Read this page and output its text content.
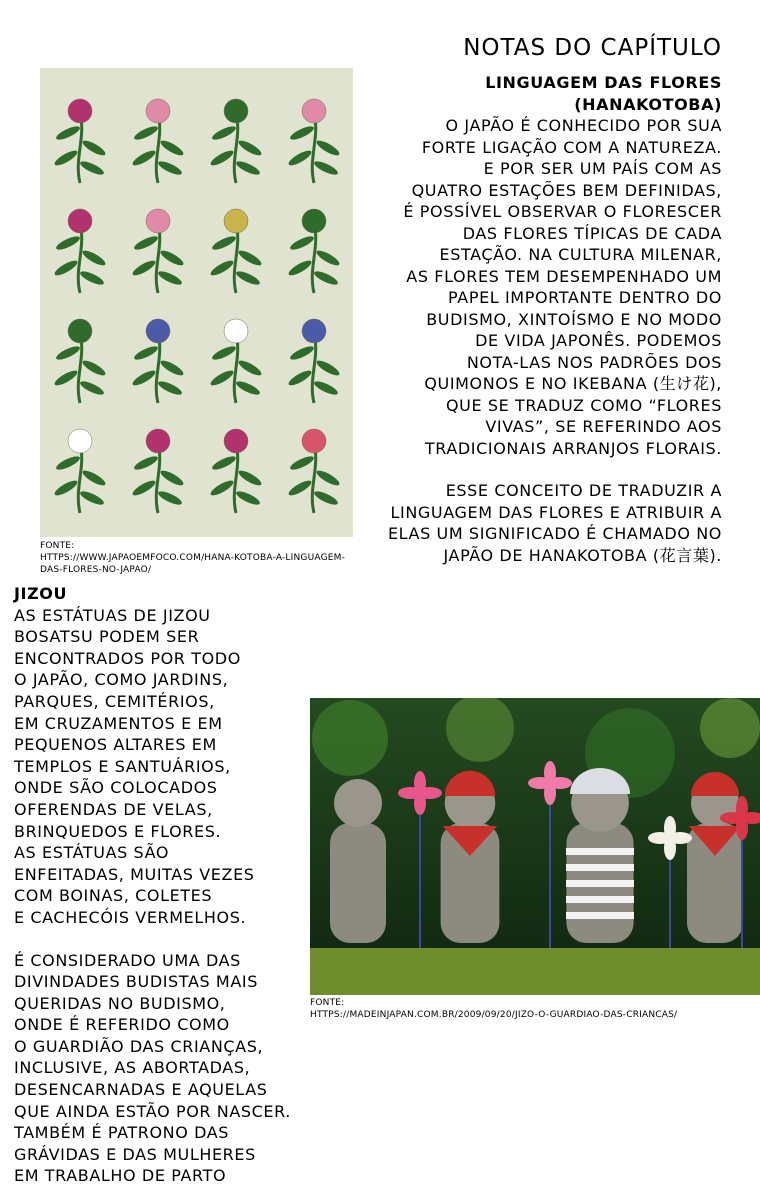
NOTAS DO CAPÍTULO
FONTE:
HTTPS://WWW.JAPAOEMFOCO.COM/HANA-KOTOBA-A-LINGUAGEM-
DAS-FLORES-NO-JAPAO/

LINGUAGEM DAS FLORES
(HANAKOTOBA)

O JAPÃO É CONHECIDO POR SUA
FORTE LIGAÇÃO COM A NATUREZA.
E POR SER UM PAÍS COM AS
QUATRO ESTAÇÕES BEM DEFINIDAS,
É POSSÍVEL OBSERVAR O FLORESCER
DAS FLORES TÍPICAS DE CADA
ESTAÇÃO. NA CULTURA MILENAR,
AS FLORES TEM DESEMPENHADO UM
PAPEL IMPORTANTE DENTRO DO
BUDISMO, XINTOÍSMO E NO MODO
DE VIDA JAPONÊS. PODEMOS
NOTA-LAS NOS PADRÕES DOS
QUIMONOS E NO IKEBANA (生け花),
QUE SE TRADUZ COMO “FLORES
VIVAS”, SE REFERINDO AOS
TRADICIONAIS ARRANJOS FLORAIS.

ESSE CONCEITO DE TRADUZIR A
LINGUAGEM DAS FLORES E ATRIBUIR A
ELAS UM SIGNIFICADO É CHAMADO NO
JAPÃO DE HANAKOTOBA (花言葉).

JIZOU

AS ESTÁTUAS DE JIZOU
BOSATSU PODEM SER
ENCONTRADOS POR TODO
O JAPÃO, COMO JARDINS,
PARQUES, CEMITÉRIOS,
EM CRUZAMENTOS E EM
PEQUENOS ALTARES EM
TEMPLOS E SANTUÁRIOS,
ONDE SÃO COLOCADOS
OFERENDAS DE VELAS,
BRINQUEDOS E FLORES.
AS ESTÁTUAS SÃO
ENFEITADAS, MUITAS VEZES
COM BOINAS, COLETES
E CACHECÓIS VERMELHOS.

É CONSIDERADO UMA DAS
DIVINDADES BUDISTAS MAIS
QUERIDAS NO BUDISMO,
ONDE É REFERIDO COMO
O GUARDIÃO DAS CRIANÇAS,
INCLUSIVE, AS ABORTADAS,
DESENCARNADAS E AQUELAS
QUE AINDA ESTÃO POR NASCER.
TAMBÉM É PATRONO DAS
GRÁVIDAS E DAS MULHERES
EM TRABALHO DE PARTO

FONTE:
HTTPS://MADEINJAPAN.COM.BR/2009/09/20/JIZO-O-GUARDIAO-DAS-CRIANCAS/
